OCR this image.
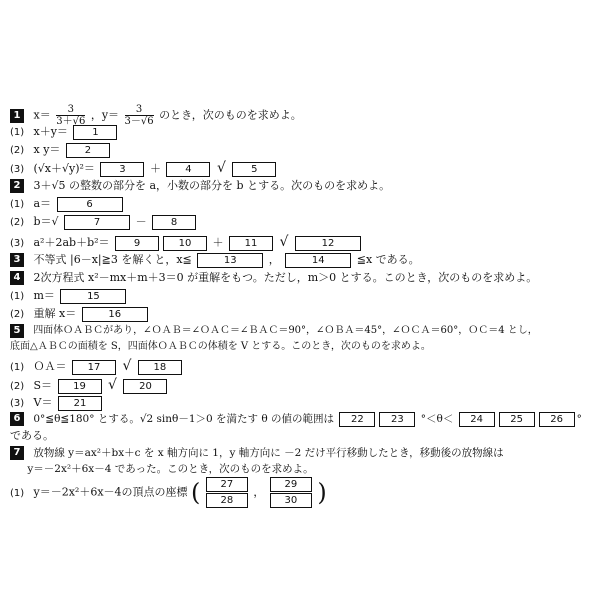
1 $x= \frac{3}{3+√6}$ ，$y= \frac{3}{3-√6}$ のとき，次のものを求めよ。
(1) x＋y＝ 1
(2) x y＝ 2
(3) (√x＋√y)²＝ 3 ＋ 4 √	5
2 3＋√5 の整数の部分を a，小数の部分を b とする。次のものを求めよ。
(1) a＝	6
(2) b＝√	7	－ 8
(3) a²＋2ab＋b²＝ 9	10 ＋ 11 √	12
3 不等式 |6－x|≧3 を解くと，x≦	13	，	14	≦x である。
4 2次方程式 x²－mx＋m＋3＝0 が重解をもつ。ただし，m＞0 とする。このとき，次のものを求めよ。
(1) m＝	15
(2) 重解 x＝	16
5 四面体ＯＡＢＣがあり，∠ＯＡＢ＝∠ＯＡＣ＝∠ＢＡＣ＝90°，∠ＯＢＡ＝45°，∠ＯＣＡ＝60°，ＯＣ＝4 とし，
底面△ＡＢＣの面積を S，四面体ＯＡＢＣの体積を V とする。このとき，次のものを求めよ。
(1) ＯＡ＝ 17 √ 18
(2) S＝ 19 √ 20
(3) V＝ 21
6 0°≦θ≦180° とする。√2 sinθ－1＞0 を満たす θ の値の範囲は 22	23 °＜θ＜ 24	25	26 °
である。
7 放物線 y＝ax²＋bx＋c を x 軸方向に 1，y 軸方向に －2 だけ平行移動したとき，移動後の放物線は
y＝－2x²＋6x－4 であった。このとき，次のものを求めよ。
(1) y＝－2x²＋6x－4の頂点の座標 ( $\frac{27}{28}$ ， $\frac{29}{30}$ )
